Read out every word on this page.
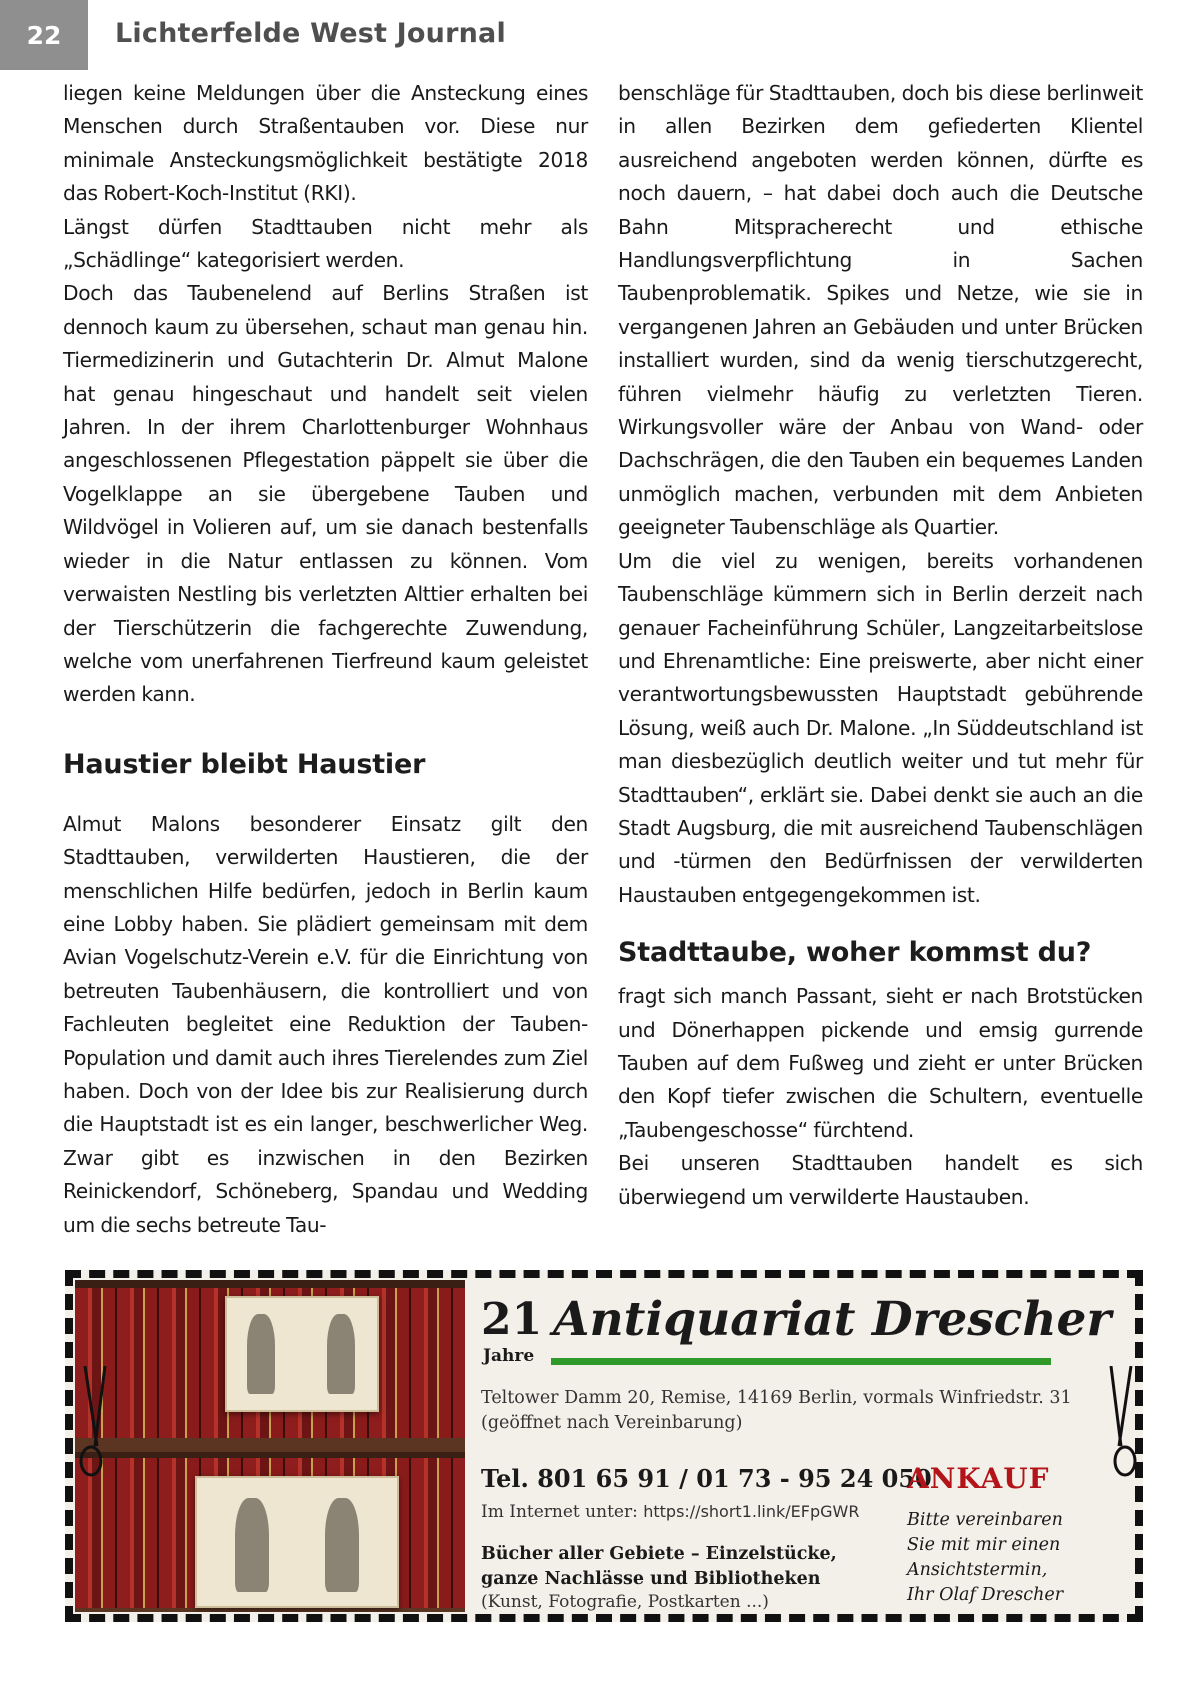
22	Lichterfelde West Journal

liegen keine Meldungen über die Ansteckung eines Menschen durch Straßentauben vor. Diese nur minimale Ansteckungsmöglichkeit bestätigte 2018 das Robert-Koch-Institut (RKI).

Längst dürfen Stadttauben nicht mehr als „Schädlinge“ kategorisiert werden.

Doch das Taubenelend auf Berlins Straßen ist dennoch kaum zu übersehen, schaut man genau hin. Tiermedizinerin und Gutachterin Dr. Almut Malone hat genau hingeschaut und handelt seit vielen Jahren. In der ihrem Charlottenburger Wohnhaus angeschlossenen Pflegestation päppelt sie über die Vogelklappe an sie übergebene Tauben und Wildvögel in Volieren auf, um sie danach bestenfalls wieder in die Natur entlassen zu können. Vom verwaisten Nestling bis verletzten Alttier erhalten bei der Tierschützerin die fachgerechte Zuwendung, welche vom unerfahrenen Tierfreund kaum geleistet werden kann.

Haustier bleibt Haustier

Almut Malons besonderer Einsatz gilt den Stadttauben, verwilderten Haustieren, die der menschlichen Hilfe bedürfen, jedoch in Berlin kaum eine Lobby haben. Sie plädiert gemeinsam mit dem Avian Vogelschutz-Verein e.V. für die Einrichtung von betreuten Taubenhäusern, die kontrolliert und von Fachleuten begleitet eine Reduktion der Tauben-Population und damit auch ihres Tierelendes zum Ziel haben. Doch von der Idee bis zur Realisierung durch die Hauptstadt ist es ein langer, beschwerlicher Weg. Zwar gibt es inzwischen in den Bezirken Reinickendorf, Schöneberg, Spandau und Wedding um die sechs betreute Tau-

benschläge für Stadttauben, doch bis diese berlinweit in allen Bezirken dem gefiederten Klientel ausreichend angeboten werden können, dürfte es noch dauern, – hat dabei doch auch die Deutsche Bahn Mitspracherecht und ethische Handlungsverpflichtung in Sachen Taubenproblematik. Spikes und Netze, wie sie in vergangenen Jahren an Gebäuden und unter Brücken installiert wurden, sind da wenig tierschutzgerecht, führen vielmehr häufig zu verletzten Tieren. Wirkungsvoller wäre der Anbau von Wand- oder Dachschrägen, die den Tauben ein bequemes Landen unmöglich machen, verbunden mit dem Anbieten geeigneter Taubenschläge als Quartier.

Um die viel zu wenigen, bereits vorhandenen Taubenschläge kümmern sich in Berlin derzeit nach genauer Facheinführung Schüler, Langzeitarbeitslose und Ehrenamtliche: Eine preiswerte, aber nicht einer verantwortungsbewussten Hauptstadt gebührende Lösung, weiß auch Dr. Malone. „In Süddeutschland ist man diesbezüglich deutlich weiter und tut mehr für Stadttauben“, erklärt sie. Dabei denkt sie auch an die Stadt Augsburg, die mit ausreichend Taubenschlägen und -türmen den Bedürfnissen der verwilderten Haustauben entgegengekommen ist.

Stadttaube, woher kommst du?

fragt sich manch Passant, sieht er nach Brotstücken und Dönerhappen pickende und emsig gurrende Tauben auf dem Fußweg und zieht er unter Brücken den Kopf tiefer zwischen die Schultern, eventuelle „Taubengeschosse“ fürchtend.

Bei unseren Stadttauben handelt es sich überwiegend um verwilderte Haustauben.

21
Jahre
Antiquariat Drescher
Teltower Damm 20, Remise, 14169 Berlin, vormals Winfriedstr. 31
(geöffnet nach Vereinbarung)
Tel. 801 65 91 / 01 73 - 95 24 050
Im Internet unter: https://short1.link/EFpGWR
Bücher aller Gebiete – Einzelstücke,
ganze Nachlässe und Bibliotheken
(Kunst, Fotografie, Postkarten ...)
ANKAUF
Bitte vereinbaren
Sie mit mir einen
Ansichtstermin,
Ihr Olaf Drescher
